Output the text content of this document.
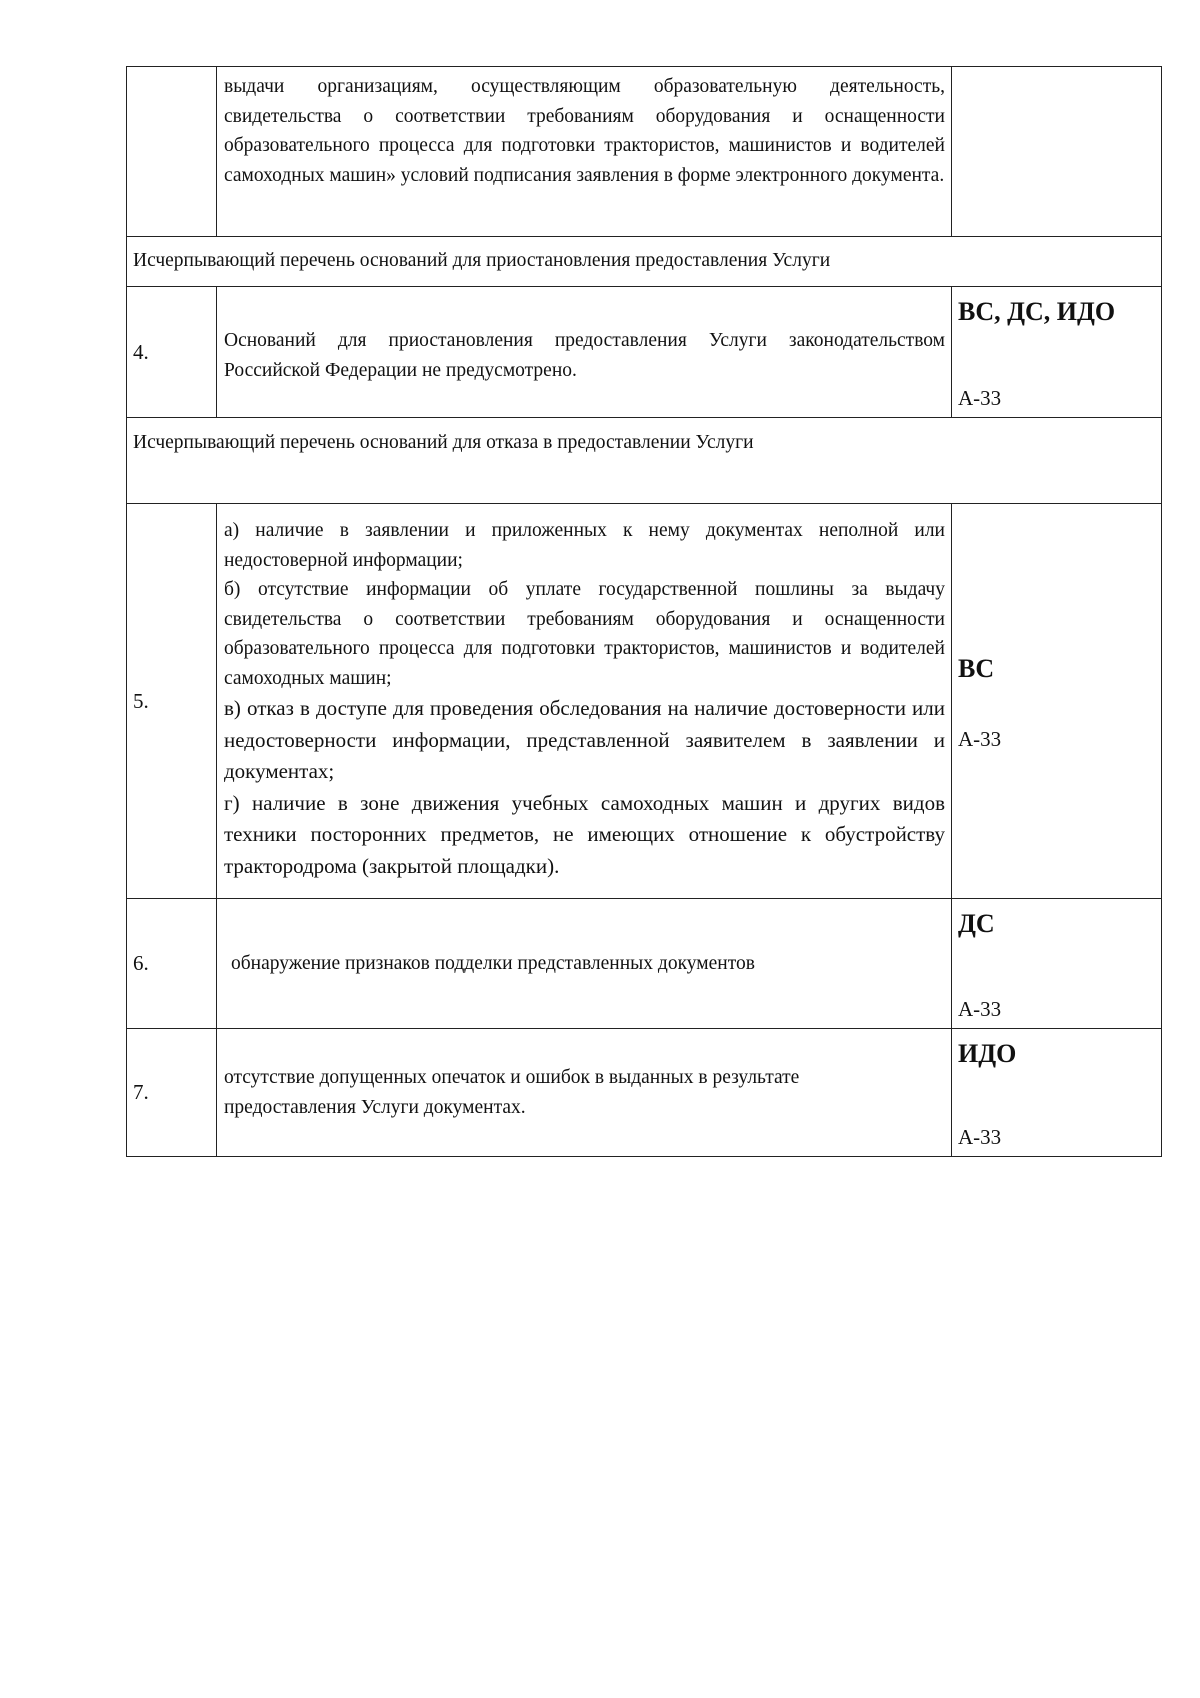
выдачи организациям, осуществляющим образовательную деятельность, свидетельства о соответствии требованиям оборудования и оснащенности образовательного процесса для подготовки трактористов, машинистов и водителей самоходных машин» условий подписания заявления в форме электронного документа.
Исчерпывающий перечень оснований для приостановления предоставления Услуги
4.	Оснований для приостановления предоставления Услуги законодательством Российской Федерации не предусмотрено.
ВС, ДС, ИДО
А-33
Исчерпывающий перечень оснований для отказа в предоставлении Услуги
5.
а) наличие в заявлении и приложенных к нему документах неполной или недостоверной информации;
б) отсутствие информации об уплате государственной пошлины за выдачу свидетельства о соответствии требованиям оборудования и оснащенности образовательного процесса для подготовки трактористов, машинистов и водителей самоходных машин;
в) отказ в доступе для проведения обследования на наличие достоверности или недостоверности информации, представленной заявителем в заявлении и документах;
г) наличие в зоне движения учебных самоходных машин и других видов техники посторонних предметов, не имеющих отношение к обустройству трактородрома (закрытой площадки).
ВС
А-33
6.	обнаружение признаков подделки представленных документов
ДС
А-33
7.
отсутствие допущенных опечаток и ошибок в выданных в результате предоставления Услуги документах.
ИДО
А-33
